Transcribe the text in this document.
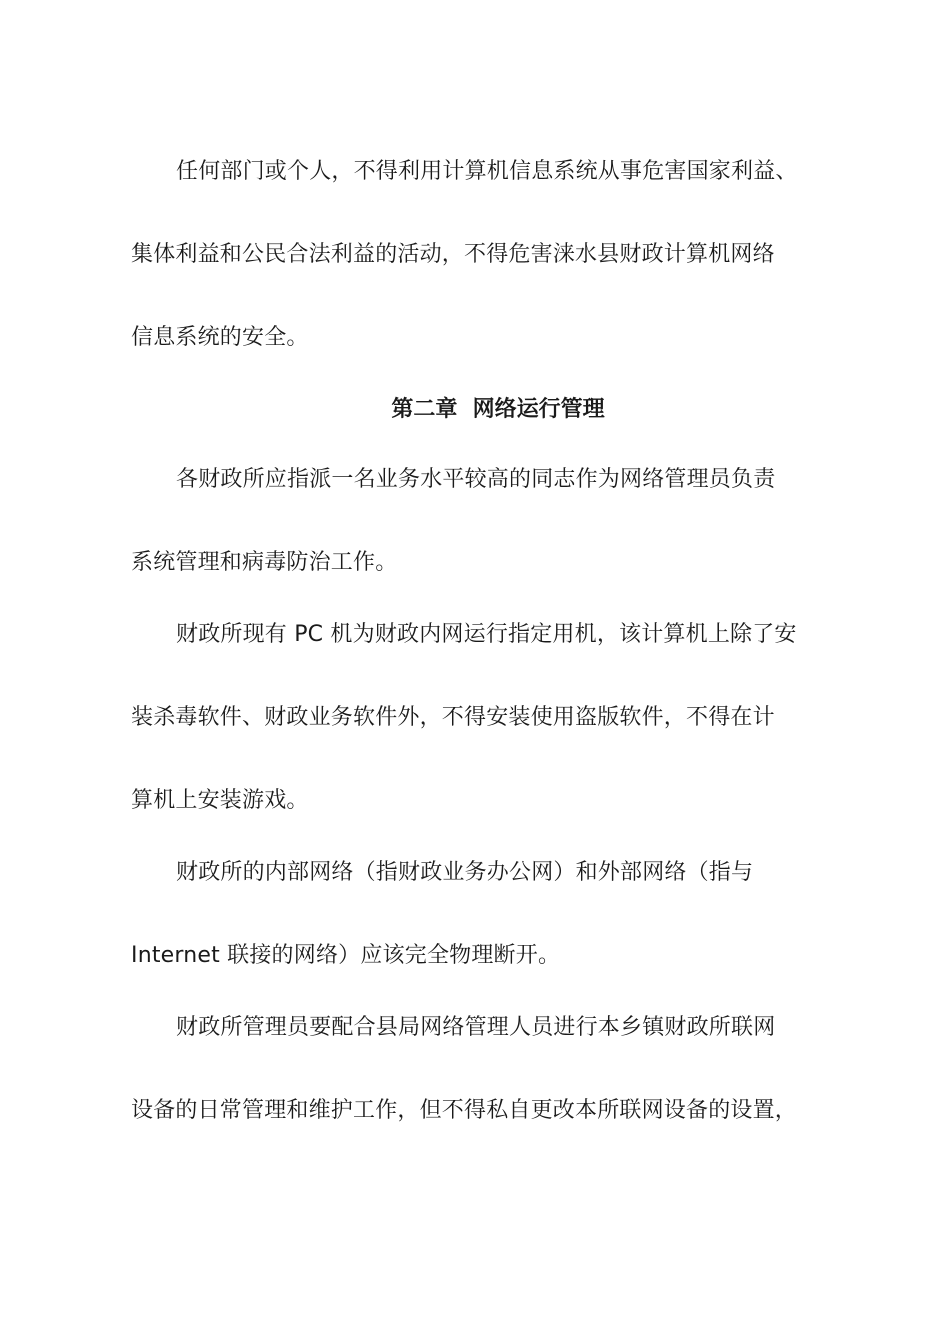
任何部门或个人，不得利用计算机信息系统从事危害国家利益、
集体利益和公民合法利益的活动，不得危害涞水县财政计算机网络
信息系统的安全。
第二章  网络运行管理
各财政所应指派一名业务水平较高的同志作为网络管理员负责
系统管理和病毒防治工作。
财政所现有 PC 机为财政内网运行指定用机，该计算机上除了安
装杀毒软件、财政业务软件外，不得安装使用盗版软件，不得在计
算机上安装游戏。
财政所的内部网络（指财政业务办公网）和外部网络（指与
Internet 联接的网络）应该完全物理断开。
财政所管理员要配合县局网络管理人员进行本乡镇财政所联网
设备的日常管理和维护工作，但不得私自更改本所联网设备的设置，
